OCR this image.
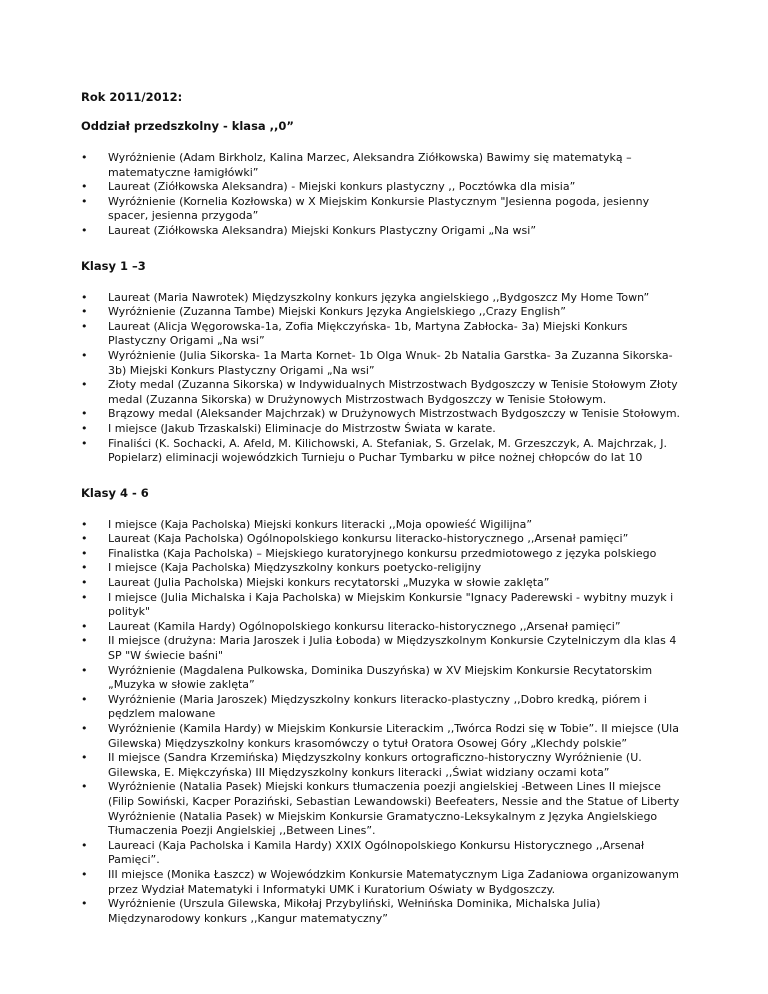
Rok 2011/2012:

Oddział przedszkolny - klasa ,,0”

• Wyróżnienie (Adam Birkholz, Kalina Marzec, Aleksandra Ziółkowska) Bawimy się matematyką – matematyczne łamigłówki”
• Laureat (Ziółkowska Aleksandra) - Miejski konkurs plastyczny ,, Pocztówka dla misia”
• Wyróżnienie (Kornelia Kozłowska) w X Miejskim Konkursie Plastycznym "Jesienna pogoda, jesienny spacer, jesienna przygoda”
• Laureat (Ziółkowska Aleksandra) Miejski Konkurs Plastyczny Origami „Na wsi”

Klasy 1 –3

• Laureat (Maria Nawrotek) Międzyszkolny konkurs języka angielskiego ,,Bydgoszcz My Home Town”
• Wyróżnienie (Zuzanna Tambe) Miejski Konkurs Języka Angielskiego ,,Crazy English”
• Laureat (Alicja Węgorowska-1a, Zofia Miękczyńska- 1b, Martyna Zabłocka- 3a) Miejski Konkurs Plastyczny Origami „Na wsi”
• Wyróżnienie (Julia Sikorska- 1a Marta Kornet- 1b Olga Wnuk- 2b Natalia Garstka- 3a Zuzanna Sikorska-3b) Miejski Konkurs Plastyczny Origami „Na wsi”
• Złoty medal (Zuzanna Sikorska) w Indywidualnych Mistrzostwach Bydgoszczy w Tenisie Stołowym Złoty medal (Zuzanna Sikorska) w Drużynowych Mistrzostwach Bydgoszczy w Tenisie Stołowym.
• Brązowy medal (Aleksander Majchrzak) w Drużynowych Mistrzostwach Bydgoszczy w Tenisie Stołowym.
• I miejsce (Jakub Trzaskalski) Eliminacje do Mistrzostw Świata w karate.
• Finaliści (K. Sochacki, A. Afeld, M. Kilichowski, A. Stefaniak, S. Grzelak, M. Grzeszczyk, A. Majchrzak, J. Popielarz) eliminacji wojewódzkich Turnieju o Puchar Tymbarku w piłce nożnej chłopców do lat 10

Klasy 4 - 6

• I miejsce (Kaja Pacholska) Miejski konkurs literacki ,,Moja opowieść Wigilijna”
• Laureat (Kaja Pacholska) Ogólnopolskiego konkursu literacko-historycznego ,,Arsenał pamięci”
• Finalistka (Kaja Pacholska) – Miejskiego kuratoryjnego konkursu przedmiotowego z języka polskiego
• I miejsce (Kaja Pacholska) Międzyszkolny konkurs poetycko-religijny
• Laureat (Julia Pacholska) Miejski konkurs recytatorski „Muzyka w słowie zaklęta”
• I miejsce (Julia Michalska i Kaja Pacholska) w Miejskim Konkursie "Ignacy Paderewski - wybitny muzyk i polityk"
• Laureat (Kamila Hardy) Ogólnopolskiego konkursu literacko-historycznego ,,Arsenał pamięci”
• II miejsce (drużyna: Maria Jaroszek i Julia Łoboda) w Międzyszkolnym Konkursie Czytelniczym dla klas 4 SP "W świecie baśni"
• Wyróżnienie (Magdalena Pulkowska, Dominika Duszyńska) w XV Miejskim Konkursie Recytatorskim „Muzyka w słowie zaklęta”
• Wyróżnienie (Maria Jaroszek) Międzyszkolny konkurs literacko-plastyczny ,,Dobro kredką, piórem i pędzlem malowane
• Wyróżnienie (Kamila Hardy) w Miejskim Konkursie Literackim ,,Twórca Rodzi się w Tobie”. II miejsce (Ula Gilewska) Międzyszkolny konkurs krasomówczy o tytuł Oratora Osowej Góry „Klechdy polskie”
• II miejsce (Sandra Krzemińska) Międzyszkolny konkurs ortograficzno-historyczny Wyróżnienie (U. Gilewska, E. Miękczyńska) III Międzyszkolny konkurs literacki ,,Świat widziany oczami kota”
• Wyróżnienie (Natalia Pasek) Miejski konkurs tłumaczenia poezji angielskiej -Between Lines II miejsce (Filip Sowiński, Kacper Poraziński, Sebastian Lewandowski) Beefeaters, Nessie and the Statue of Liberty Wyróżnienie (Natalia Pasek) w Miejskim Konkursie Gramatyczno-Leksykalnym z Języka Angielskiego Tłumaczenia Poezji Angielskiej ,,Between Lines”.
• Laureaci (Kaja Pacholska i Kamila Hardy) XXIX Ogólnopolskiego Konkursu Historycznego ,,Arsenał Pamięci”.
• III miejsce (Monika Łaszcz) w Wojewódzkim Konkursie Matematycznym Liga Zadaniowa organizowanym przez Wydział Matematyki i Informatyki UMK i Kuratorium Oświaty w Bydgoszczy.
• Wyróżnienie (Urszula Gilewska, Mikołaj Przybyliński, Wełnińska Dominika, Michalska Julia) Międzynarodowy konkurs ,,Kangur matematyczny”
